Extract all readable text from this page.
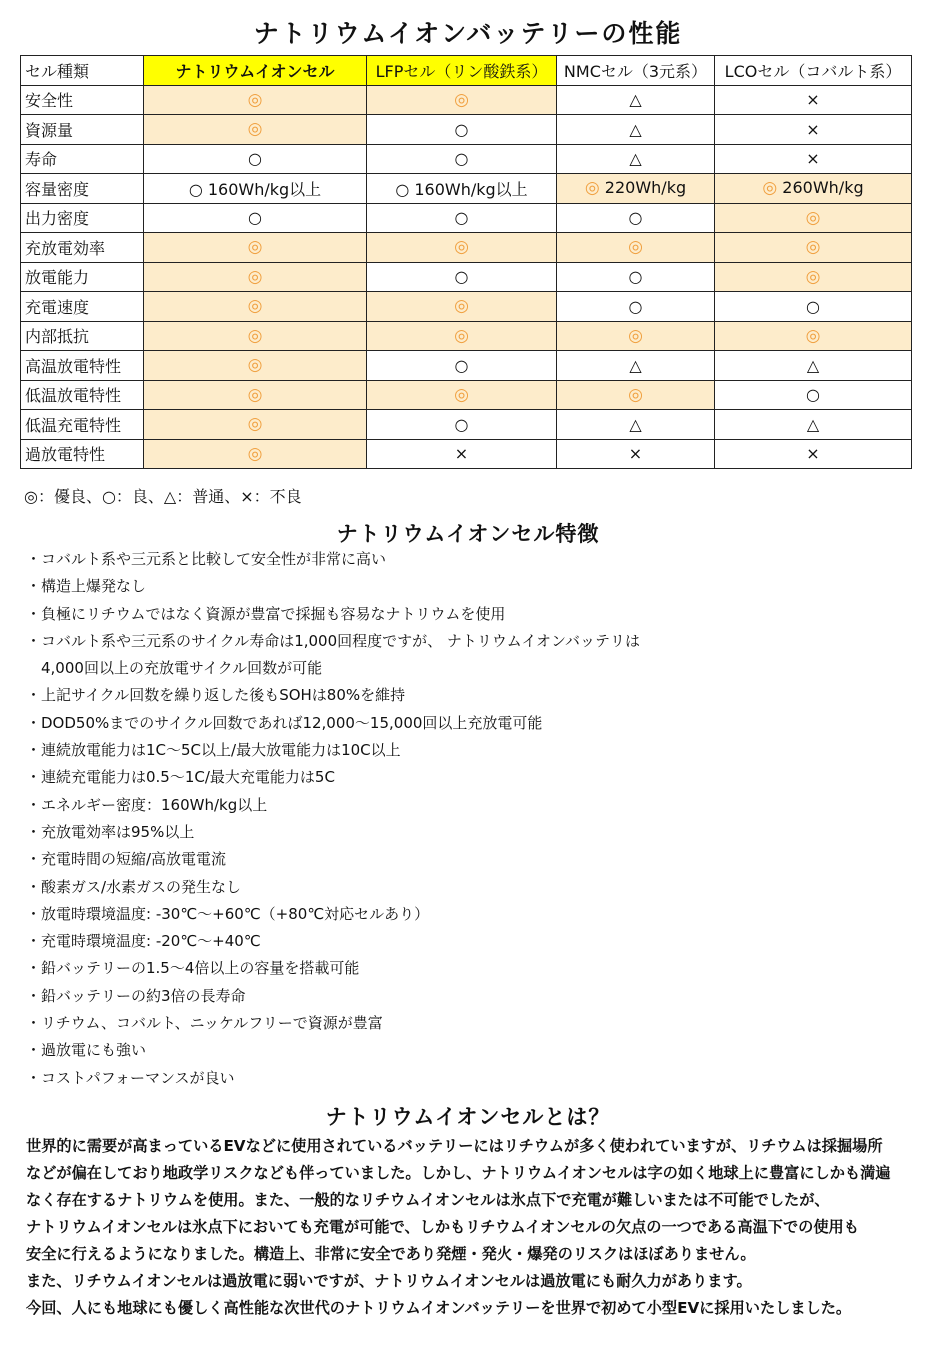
ナトリウムイオンバッテリーの性能
セル種類	ナトリウムイオンセル	LFPセル（リン酸鉄系）	NMCセル（3元系）	LCOセル（コバルト系）
安全性	◎	◎	△	×
資源量	◎	○	△	×
寿命	○	○	△	×
容量密度	○ 160Wh/kg以上	○ 160Wh/kg以上	◎ 220Wh/kg	◎ 260Wh/kg
出力密度	○	○	○	◎
充放電効率	◎	◎	◎	◎
放電能力	◎	○	○	◎
充電速度	◎	◎	○	○
内部抵抗	◎	◎	◎	◎
高温放電特性	◎	○	△	△
低温放電特性	◎	◎	◎	○
低温充電特性	◎	○	△	△
過放電特性	◎	×	×	×
◎：優良、○：良、△：普通、×：不良
ナトリウムイオンセル特徴
・コバルト系や三元系と比較して安全性が非常に高い
・構造上爆発なし
・負極にリチウムではなく資源が豊富で採掘も容易なナトリウムを使用
・コバルト系や三元系のサイクル寿命は1,000回程度ですが、 ナトリウムイオンバッテリは
　4,000回以上の充放電サイクル回数が可能
・上記サイクル回数を繰り返した後もSOHは80%を維持
・DOD50%までのサイクル回数であれば12,000～15,000回以上充放電可能
・連続放電能力は1C～5C以上/最大放電能力は10C以上
・連続充電能力は0.5～1C/最大充電能力は5C
・エネルギー密度：160Wh/kg以上
・充放電効率は95%以上
・充電時間の短縮/高放電電流
・酸素ガス/水素ガスの発生なし
・放電時環境温度: -30℃～+60℃（+80℃対応セルあり）
・充電時環境温度: -20℃～+40℃
・鉛バッテリーの1.5～4倍以上の容量を搭載可能
・鉛バッテリーの約3倍の長寿命
・リチウム、コバルト、ニッケルフリーで資源が豊富
・過放電にも強い
・コストパフォーマンスが良い
ナトリウムイオンセルとは？
世界的に需要が高まっているEVなどに使用されているバッテリーにはリチウムが多く使われていますが、リチウムは採掘場所
などが偏在しており地政学リスクなども伴っていました。しかし、ナトリウムイオンセルは字の如く地球上に豊富にしかも満遍
なく存在するナトリウムを使用。また、一般的なリチウムイオンセルは氷点下で充電が難しいまたは不可能でしたが、
ナトリウムイオンセルは氷点下においても充電が可能で、しかもリチウムイオンセルの欠点の一つである高温下での使用も
安全に行えるようになりました。構造上、非常に安全であり発煙・発火・爆発のリスクはほぼありません。
また、リチウムイオンセルは過放電に弱いですが、ナトリウムイオンセルは過放電にも耐久力があります。
今回、人にも地球にも優しく高性能な次世代のナトリウムイオンバッテリーを世界で初めて小型EVに採用いたしました。
